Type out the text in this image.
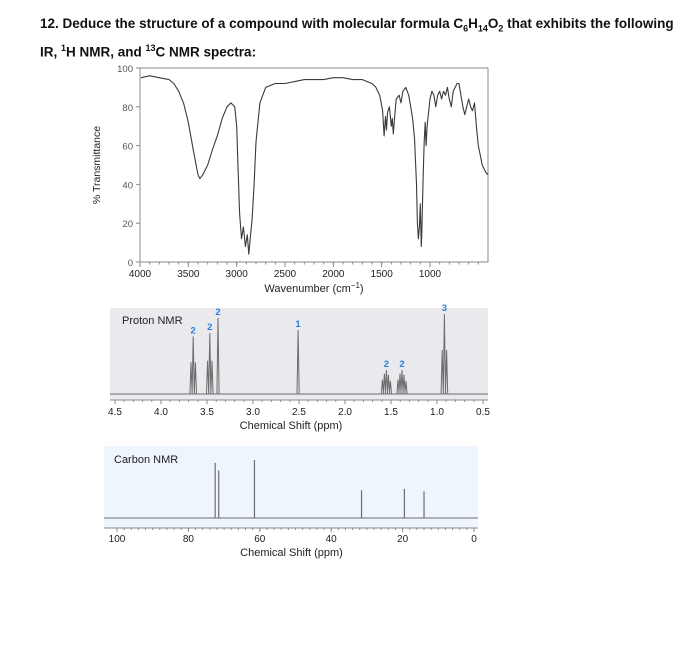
12. Deduce the structure of a compound with molecular formula $C_6H_{14}O_2$ that exhibits the following IR, $^1$H NMR, and $^{13}$C NMR spectra:
0
20
40
60
80
100
4000	3500	3000	2500	2000	1500	1000
Wavenumber $(cm^{-1})$
% Transmittance
Proton NMR
4.5	4.0	3.5	3.0	2.5	2.0	1.5	1.0	0.5
2 2
2
1
2 2
3
Chemical Shift (ppm)
Carbon NMR
100	80	60	40	20	0
Chemical Shift (ppm)
